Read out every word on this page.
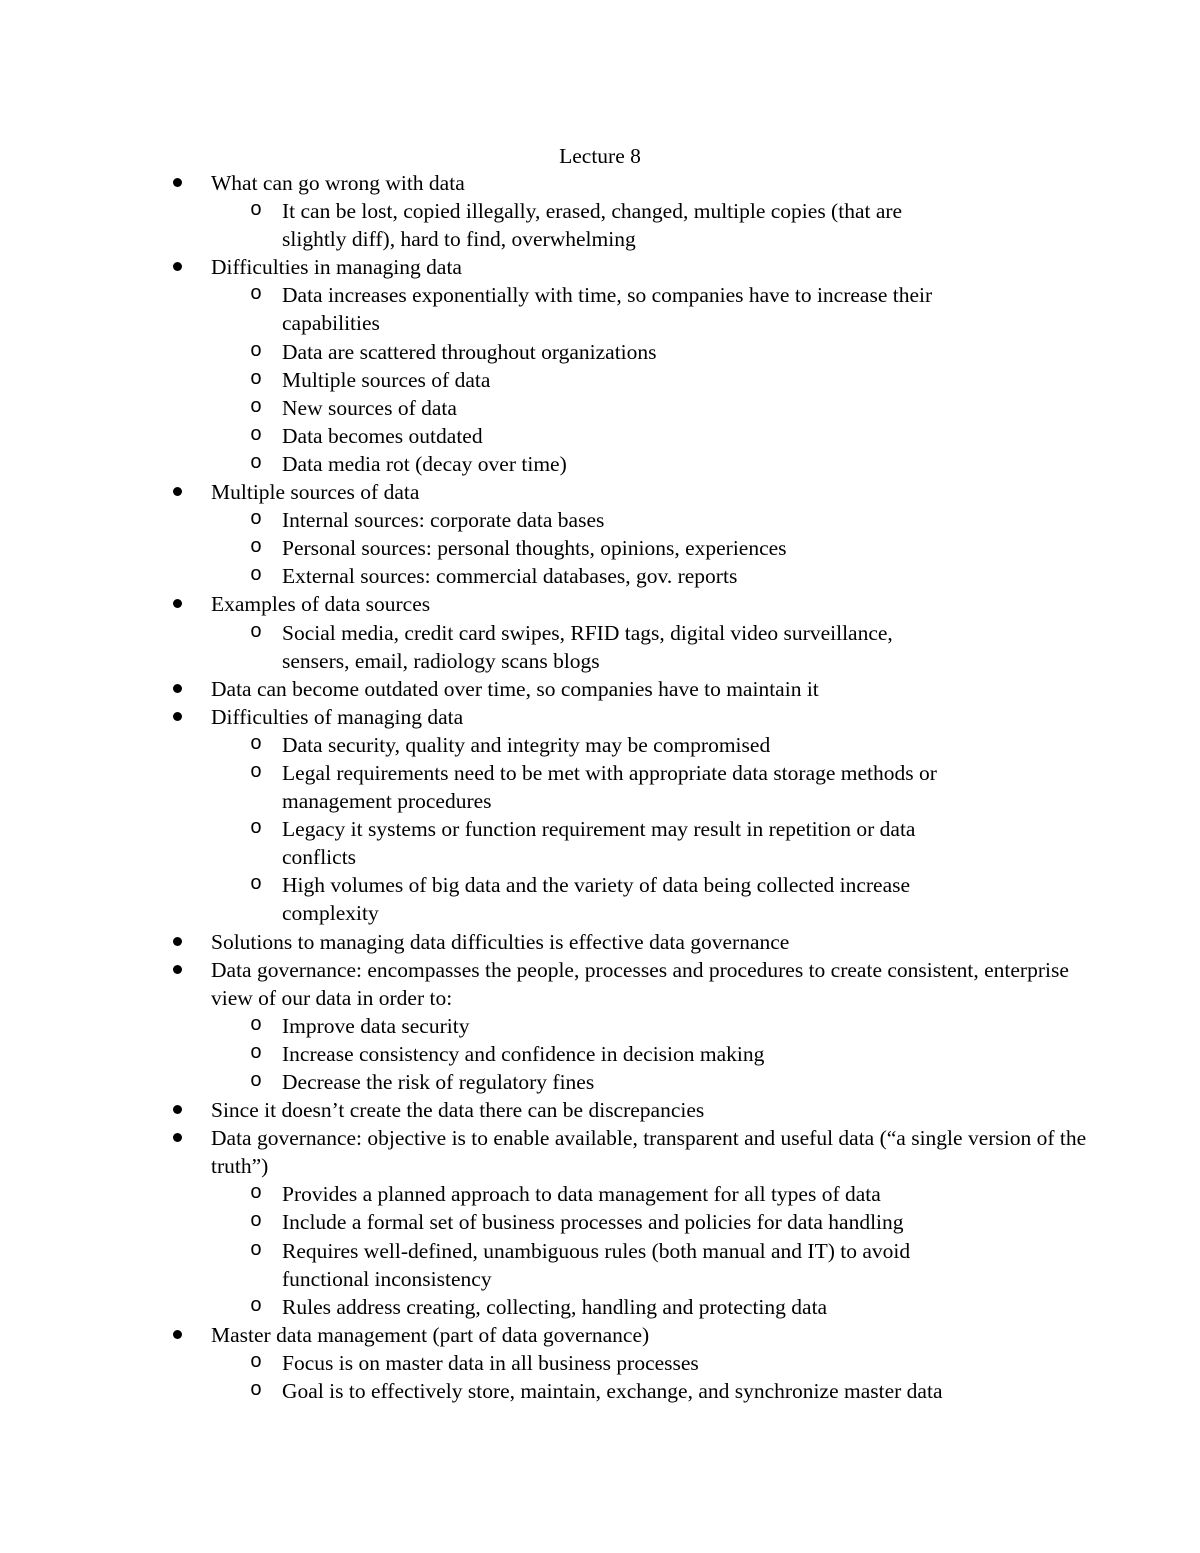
Lecture 8
What can go wrong with data
o It can be lost, copied illegally, erased, changed, multiple copies (that are slightly diff), hard to find, overwhelming
Difficulties in managing data
o Data increases exponentially with time, so companies have to increase their capabilities
o Data are scattered throughout organizations
o Multiple sources of data
o New sources of data
o Data becomes outdated
o Data media rot (decay over time)
Multiple sources of data
o Internal sources: corporate data bases
o Personal sources: personal thoughts, opinions, experiences
o External sources: commercial databases, gov. reports
Examples of data sources
o Social media, credit card swipes, RFID tags, digital video surveillance, sensers, email, radiology scans blogs
Data can become outdated over time, so companies have to maintain it
Difficulties of managing data
o Data security, quality and integrity may be compromised
o Legal requirements need to be met with appropriate data storage methods or management procedures
o Legacy it systems or function requirement may result in repetition or data conflicts
o High volumes of big data and the variety of data being collected increase complexity
Solutions to managing data difficulties is effective data governance
Data governance: encompasses the people, processes and procedures to create consistent, enterprise view of our data in order to:
o Improve data security
o Increase consistency and confidence in decision making
o Decrease the risk of regulatory fines
Since it doesn’t create the data there can be discrepancies
Data governance: objective is to enable available, transparent and useful data (“a single version of the truth”)
o Provides a planned approach to data management for all types of data
o Include a formal set of business processes and policies for data handling
o Requires well-defined, unambiguous rules (both manual and IT) to avoid functional inconsistency
o Rules address creating, collecting, handling and protecting data
Master data management (part of data governance)
o Focus is on master data in all business processes
o Goal is to effectively store, maintain, exchange, and synchronize master data
